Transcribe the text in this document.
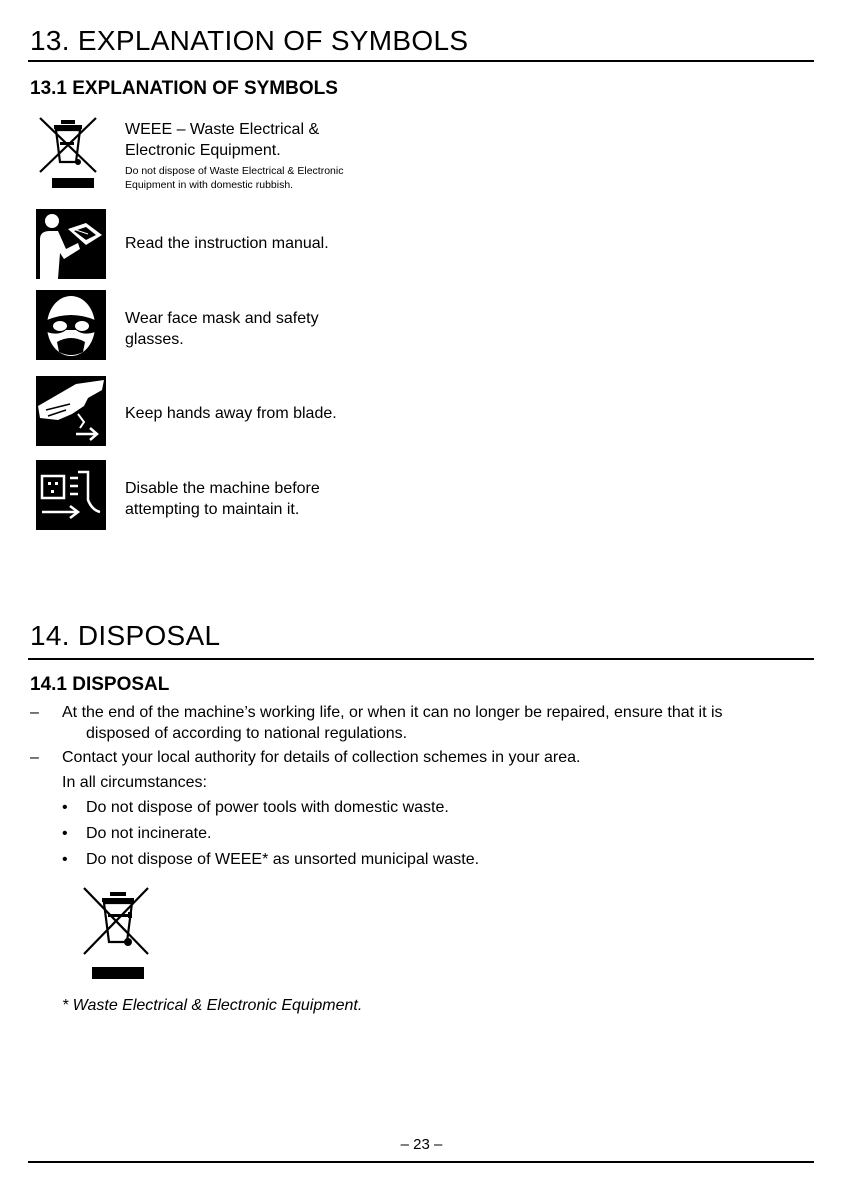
13. EXPLANATION OF SYMBOLS
13.1 EXPLANATION OF SYMBOLS
WEEE – Waste Electrical &
Electronic Equipment.
Do not dispose of Waste Electrical & Electronic
Equipment in with domestic rubbish.
Read the instruction manual.
Wear face mask and safety
glasses.
Keep hands away from blade.
Disable the machine before
attempting to maintain it.
14. DISPOSAL
14.1 DISPOSAL
– At the end of the machine’s working life, or when it can no longer be repaired, ensure that it is
disposed of according to national regulations.
– Contact your local authority for details of collection schemes in your area.
In all circumstances:
• Do not dispose of power tools with domestic waste.
• Do not incinerate.
• Do not dispose of WEEE* as unsorted municipal waste.
* Waste Electrical & Electronic Equipment.
– 23 –
